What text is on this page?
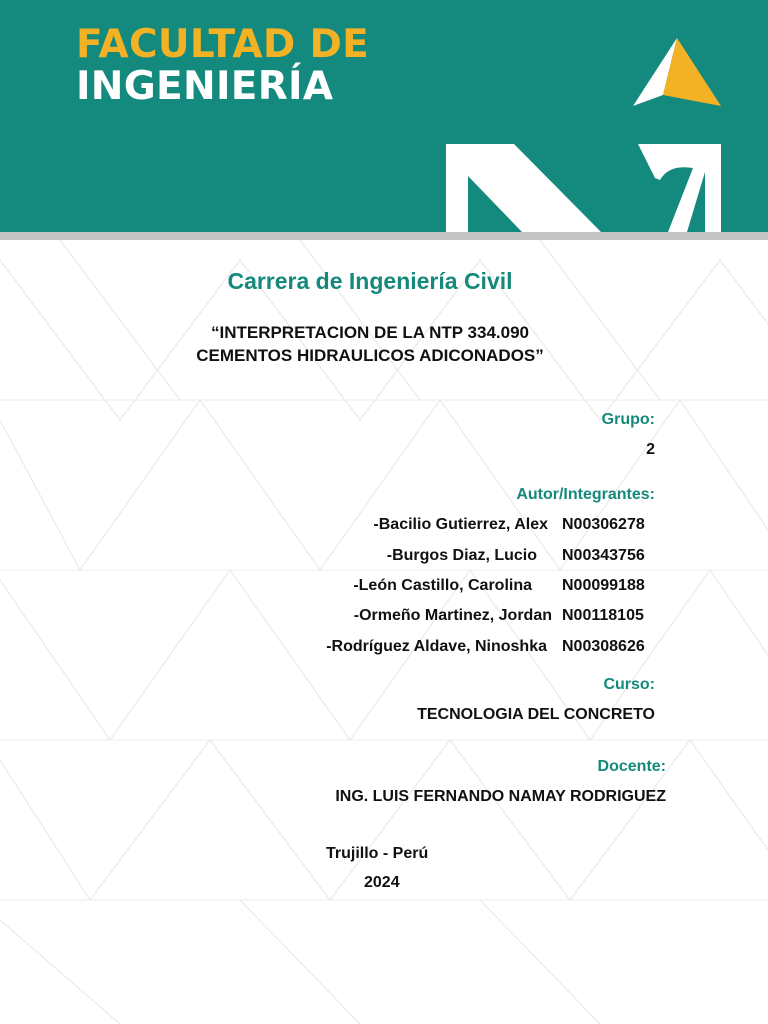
FACULTAD DE
INGENIERÍA
Carrera de Ingeniería Civil
“INTERPRETACION DE LA NTP 334.090
CEMENTOS HIDRAULICOS ADICONADOS”
Grupo:
2
Autor/Integrantes:
-Bacilio Gutierrez, Alex N00306278
-Burgos Diaz, Lucio N00343756
-León Castillo, Carolina N00099188
-Ormeño Martinez, Jordan N00118105
-Rodríguez Aldave, Ninoshka N00308626
Curso:
TECNOLOGIA DEL CONCRETO
Docente:
ING. LUIS FERNANDO NAMAY RODRIGUEZ
Trujillo - Perú
2024
